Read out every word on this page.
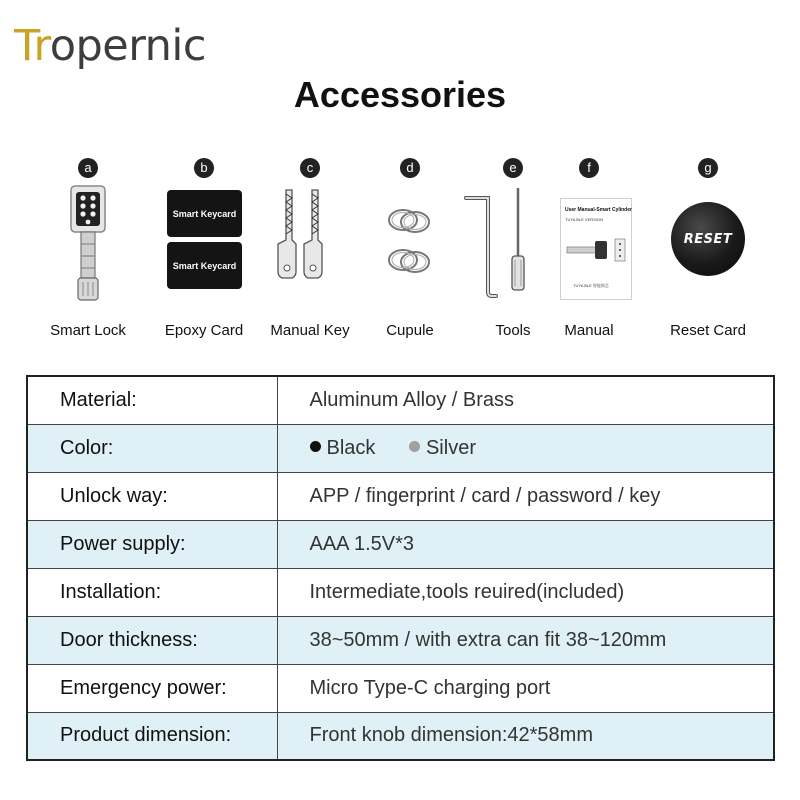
Tropernic
Accessories
a
Smart Lock
b
Smart Keycard
Smart Keycard
Epoxy Card
c
Manual Key
d
Cupule
e
Tools
f
User Manual-Smart Cylinder
TUYA BLE VERSION
TUYA BLE 智能锁芯
Manual
g
RESET
Reset Card
Material:	Aluminum Alloy / Brass
Color:	Black Silver
Unlock way:	APP / fingerprint / card / password / key
Power supply:	AAA 1.5V*3
Installation:	Intermediate,tools reuired(included)
Door thickness:	38~50mm / with extra can fit 38~120mm
Emergency power:	Micro Type-C charging port
Product dimension:	Front knob dimension:42*58mm
